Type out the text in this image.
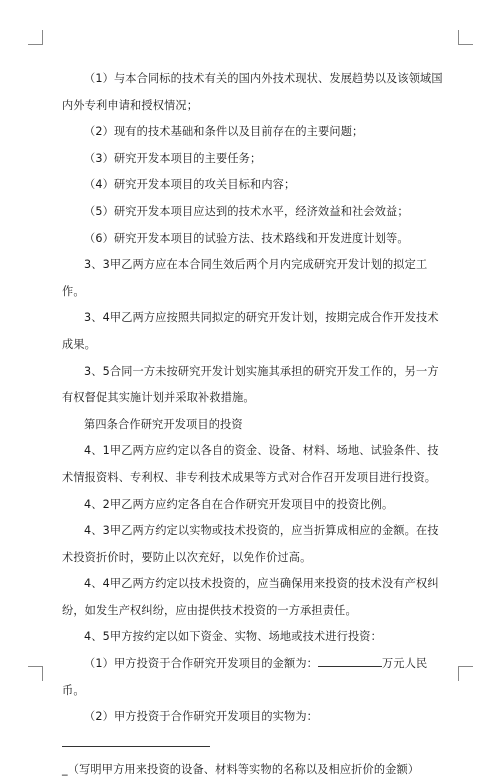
（1）与本合同标的技术有关的国内外技术现状、发展趋势以及该领域国内外专利申请和授权情况；

（2）现有的技术基础和条件以及目前存在的主要问题；

（3）研究开发本项目的主要任务；

（4）研究开发本项目的攻关目标和内容；

（5）研究开发本项目应达到的技术水平，经济效益和社会效益；

（6）研究开发本项目的试验方法、技术路线和开发进度计划等。

3、3甲乙两方应在本合同生效后两个月内完成研究开发计划的拟定工作。

3、4甲乙两方应按照共同拟定的研究开发计划，按期完成合作开发技术成果。

3、5合同一方未按研究开发计划实施其承担的研究开发工作的，另一方有权督促其实施计划并采取补救措施。

第四条合作研究开发项目的投资

4、1甲乙两方应约定以各自的资金、设备、材料、场地、试验条件、技术情报资料、专利权、非专利技术成果等方式对合作召开发项目进行投资。

4、2甲乙两方应约定各自在合作研究开发项目中的投资比例。

4、3甲乙两方约定以实物或技术投资的，应当折算成相应的金额。在技术投资折价时，要防止以次充好，以免作价过高。

4、4甲乙两方约定以技术投资的，应当确保用来投资的技术没有产权纠纷，如发生产权纠纷，应由提供技术投资的一方承担责任。

4、5甲方按约定以如下资金、实物、场地或技术进行投资：

（1）甲方投资于合作研究开发项目的金额为：	万元人民币。

（2）甲方投资于合作研究开发项目的实物为：

_（写明甲方用来投资的设备、材料等实物的名称以及相应折价的金额）
